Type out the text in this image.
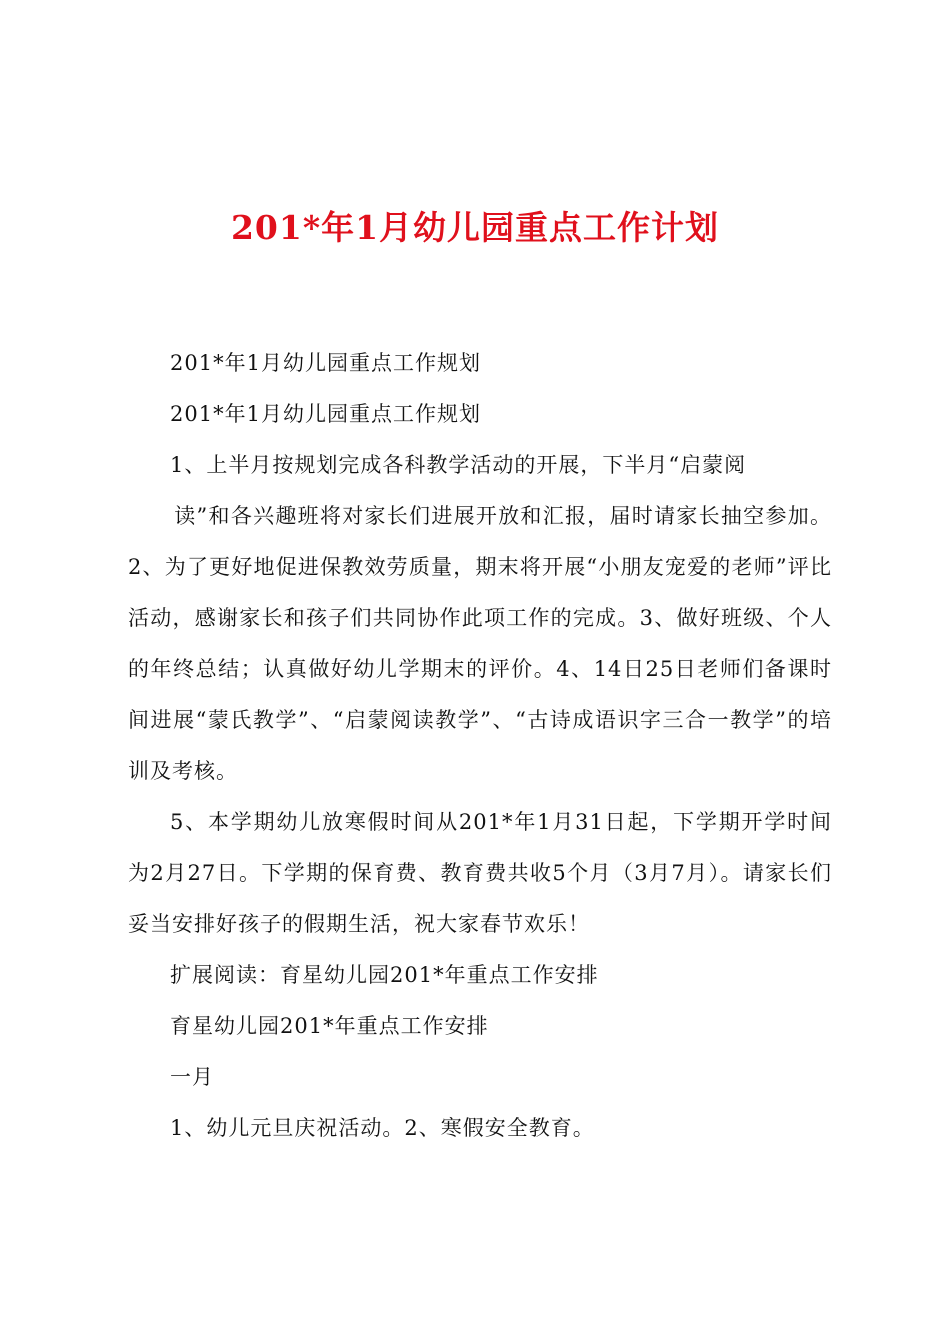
201*年1月幼儿园重点工作计划

201*年1月幼儿园重点工作规划

201*年1月幼儿园重点工作规划

1、上半月按规划完成各科教学活动的开展，下半月“启蒙阅

读”和各兴趣班将对家长们进展开放和汇报，届时请家长抽空参加。2、为了更好地促进保教效劳质量，期末将开展“小朋友宠爱的老师”评比活动，感谢家长和孩子们共同协作此项工作的完成。3、做好班级、个人的年终总结；认真做好幼儿学期末的评价。4、14日25日老师们备课时间进展“蒙氏教学”、“启蒙阅读教学”、“古诗成语识字三合一教学”的培训及考核。

5、本学期幼儿放寒假时间从201*年1月31日起，下学期开学时间为2月27日。下学期的保育费、教育费共收5个月（3月7月）。请家长们妥当安排好孩子的假期生活，祝大家春节欢乐！

扩展阅读：育星幼儿园201*年重点工作安排

育星幼儿园201*年重点工作安排

一月

1、幼儿元旦庆祝活动。2、寒假安全教育。
